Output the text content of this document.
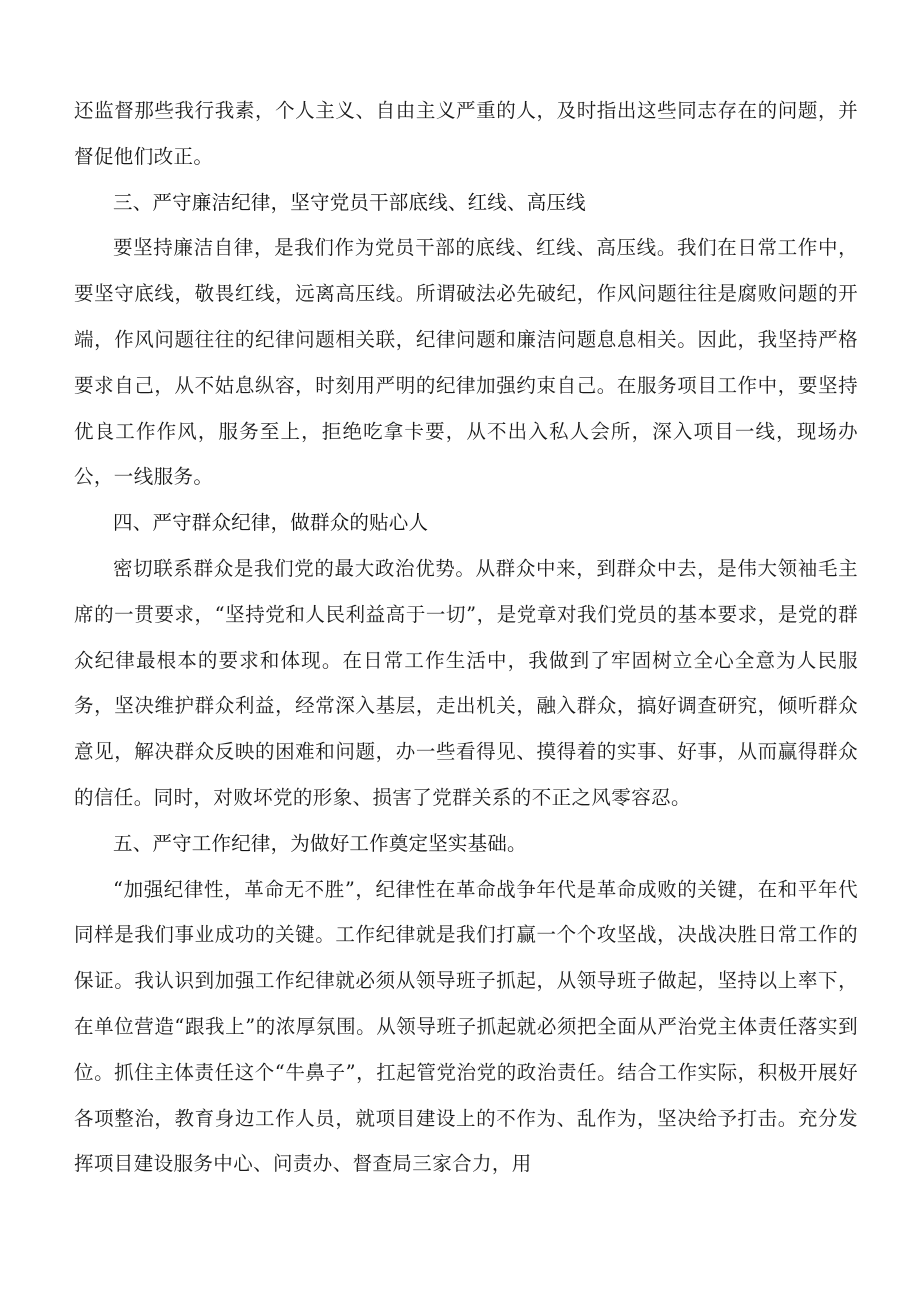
还监督那些我行我素，个人主义、自由主义严重的人，及时指出这些同志存在的问题，并督促他们改正。

三、严守廉洁纪律，坚守党员干部底线、红线、高压线

要坚持廉洁自律，是我们作为党员干部的底线、红线、高压线。我们在日常工作中，要坚守底线，敬畏红线，远离高压线。所谓破法必先破纪，作风问题往往是腐败问题的开端，作风问题往往的纪律问题相关联，纪律问题和廉洁问题息息相关。因此，我坚持严格要求自己，从不姑息纵容，时刻用严明的纪律加强约束自己。在服务项目工作中，要坚持优良工作作风，服务至上，拒绝吃拿卡要，从不出入私人会所，深入项目一线，现场办公，一线服务。

四、严守群众纪律，做群众的贴心人

密切联系群众是我们党的最大政治优势。从群众中来，到群众中去，是伟大领袖毛主席的一贯要求，“坚持党和人民利益高于一切”，是党章对我们党员的基本要求，是党的群众纪律最根本的要求和体现。在日常工作生活中，我做到了牢固树立全心全意为人民服务，坚决维护群众利益，经常深入基层，走出机关，融入群众，搞好调查研究，倾听群众意见，解决群众反映的困难和问题，办一些看得见、摸得着的实事、好事，从而赢得群众的信任。同时，对败坏党的形象、损害了党群关系的不正之风零容忍。

五、严守工作纪律，为做好工作奠定坚实基础。

“加强纪律性，革命无不胜”，纪律性在革命战争年代是革命成败的关键，在和平年代同样是我们事业成功的关键。工作纪律就是我们打赢一个个攻坚战，决战决胜日常工作的保证。我认识到加强工作纪律就必须从领导班子抓起，从领导班子做起，坚持以上率下，在单位营造“跟我上”的浓厚氛围。从领导班子抓起就必须把全面从严治党主体责任落实到位。抓住主体责任这个“牛鼻子”，扛起管党治党的政治责任。结合工作实际，积极开展好各项整治，教育身边工作人员，就项目建设上的不作为、乱作为，坚决给予打击。充分发挥项目建设服务中心、问责办、督查局三家合力，用
